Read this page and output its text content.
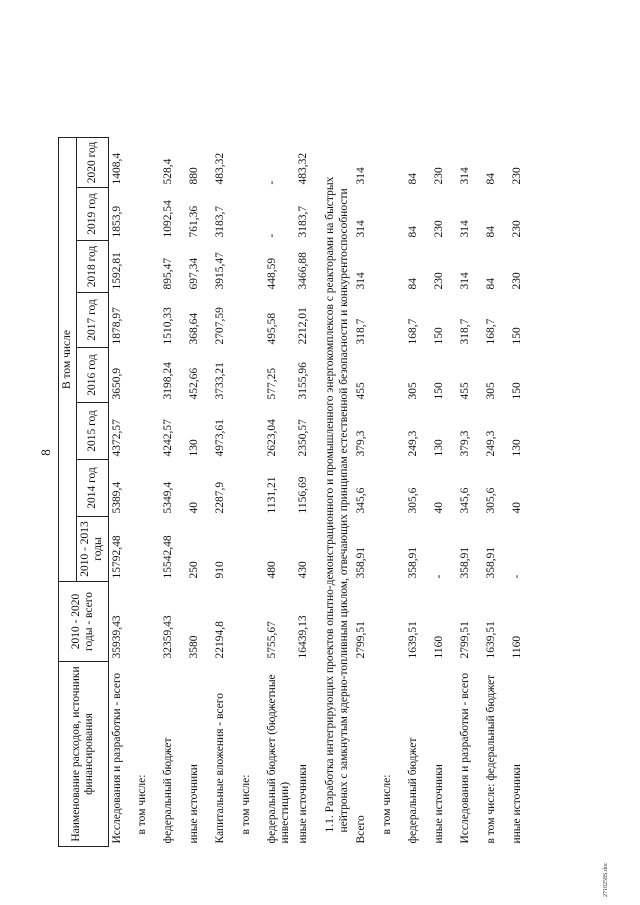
8
Наименование расходов, источники финансирования	2010 - 2020 годы - всего	В том числе							
		2010 - 2013 годы	2014 год	2015 год	2016 год	2017 год	2018 год	2019 год	2020 год
Исследования и разработки - всего	35939,43	15792,48	5389,4	4372,57	3650,9	1878,97	1592,81	1853,9	1408,4
в том числе:									
федеральный бюджет	32359,43	15542,48	5349,4	4242,57	3198,24	1510,33	895,47	1092,54	528,4
иные источники	3580	250	40	130	452,66	368,64	697,34	761,36	880
Капитальные вложения - всего	22194,8	910	2287,9	4973,61	3733,21	2707,59	3915,47	3183,7	483,32
в том числе:									
федеральный бюджет (бюджетные инвестиции)	5755,67	480	1131,21	2623,04	577,25	495,58	448,59	-	-
иные источники	16439,13	430	1156,69	2350,57	3155,96	2212,01	3466,88	3183,7	483,32
1.1. Разработка интегрирующих проектов опытно-демонстрационного и промышленного энергокомплексов с реакторами на быстрых нейтронах с замкнутым ядерно-топливным циклом, отвечающих принципам естественной безопасности и конкурентоспособности									
Всего	2799,51	358,91	345,6	379,3	455	318,7	314	314	314
в том числе:									
федеральный бюджет	1639,51	358,91	305,6	249,3	305	168,7	84	84	84
иные источники	1160	-	40	130	150	150	230	230	230
Исследования и разработки - всего	2799,51	358,91	345,6	379,3	455	318,7	314	314	314
в том числе: федеральный бюджет	1639,51	358,91	305,6	249,3	305	168,7	84	84	84
иные источники	1160	-	40	130	150	150	230	230	230
2710258S.doc
